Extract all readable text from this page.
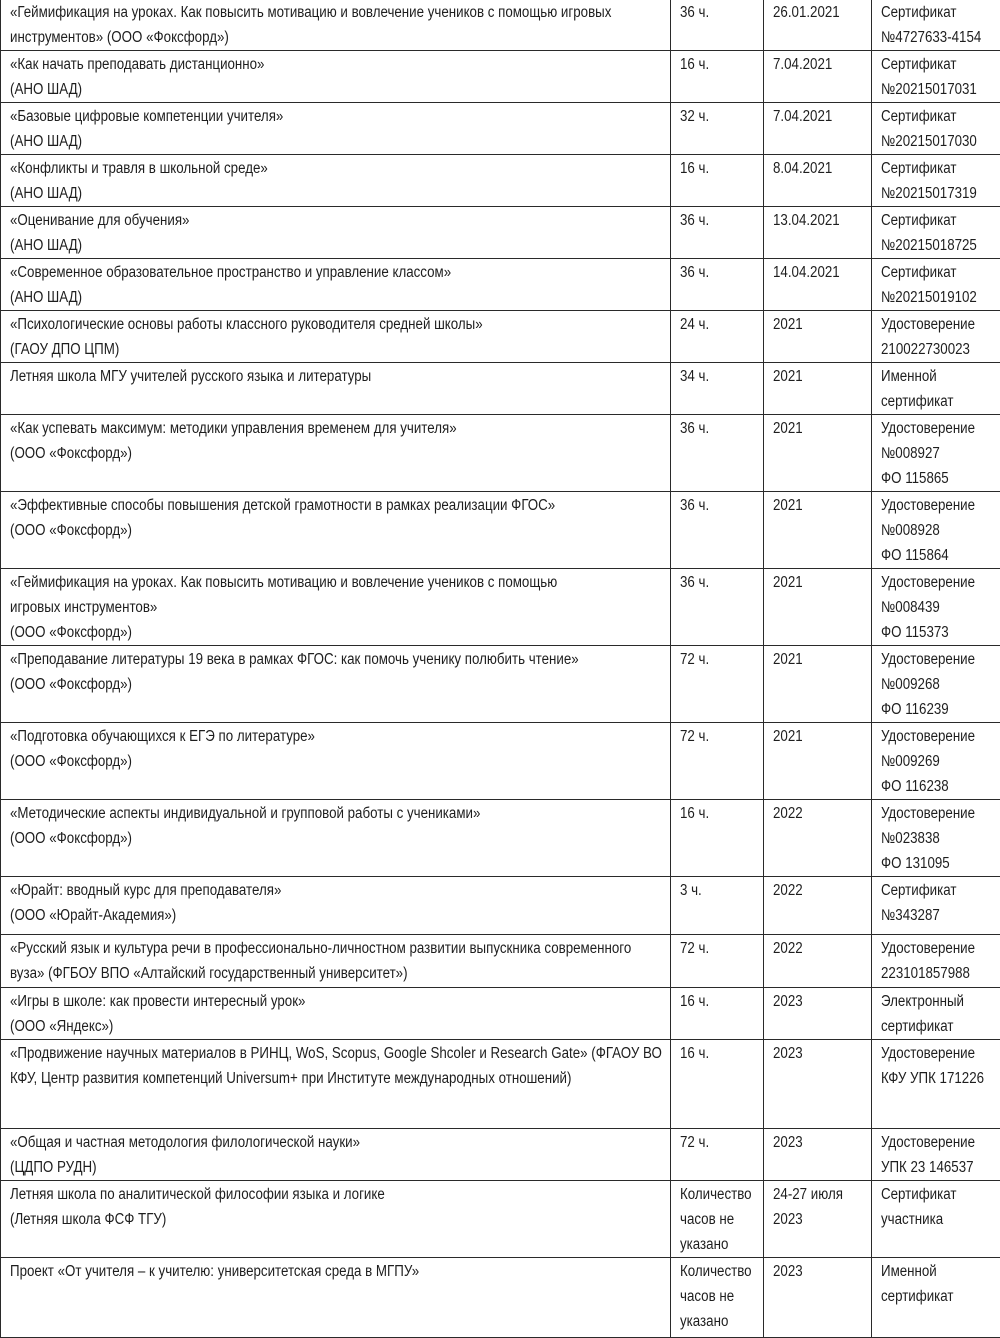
«Геймификация на уроках. Как повысить мотивацию и вовлечение учеников с помощью игровых инструментов» (ООО «Фоксфорд»)	36 ч.	26.01.2021	Сертификат
№4727633-4154

«Как начать преподавать дистанционно»
(АНО ШАД)	16 ч.	7.04.2021	Сертификат
№20215017031

«Базовые цифровые компетенции учителя»
(АНО ШАД)	32 ч.	7.04.2021	Сертификат
№20215017030

«Конфликты и травля в школьной среде»
(АНО ШАД)	16 ч.	8.04.2021	Сертификат
№20215017319

«Оценивание для обучения»
(АНО ШАД)	36 ч.	13.04.2021	Сертификат
№20215018725

«Современное образовательное пространство и управление классом»
(АНО ШАД)	36 ч.	14.04.2021	Сертификат
№20215019102

«Психологические основы работы классного руководителя средней школы»
(ГАОУ ДПО ЦПМ)	24 ч.	2021	Удостоверение
210022730023

Летняя школа МГУ учителей русского языка и литературы	34 ч.	2021	Именной
сертификат

«Как успевать максимум: методики управления временем для учителя»
(ООО «Фоксфорд»)	36 ч.	2021	Удостоверение
№008927
ФО 115865

«Эффективные способы повышения детской грамотности в рамках реализации ФГОС»
(ООО «Фоксфорд»)	36 ч.	2021	Удостоверение
№008928
ФО 115864

«Геймификация на уроках. Как повысить мотивацию и вовлечение учеников с помощью
игровых инструментов»
(ООО «Фоксфорд»)	36 ч.	2021	Удостоверение
№008439
ФО 115373

«Преподавание литературы 19 века в рамках ФГОС: как помочь ученику полюбить чтение»
(ООО «Фоксфорд»)	72 ч.	2021	Удостоверение
№009268
ФО 116239

«Подготовка обучающихся к ЕГЭ по литературе»
(ООО «Фоксфорд»)	72 ч.	2021	Удостоверение
№009269
ФО 116238

«Методические аспекты индивидуальной и групповой работы с учениками»
(ООО «Фоксфорд»)	16 ч.	2022	Удостоверение
№023838
ФО 131095

«Юрайт: вводный курс для преподавателя»
(ООО «Юрайт-Академия»)	3 ч.	2022	Сертификат
№343287

«Русский язык и культура речи в профессионально-личностном развитии выпускника современного вуза» (ФГБОУ ВПО «Алтайский государственный университет»)	72 ч.	2022	Удостоверение
223101857988

«Игры в школе: как провести интересный урок»
(ООО «Яндекс»)	16 ч.	2023	Электронный
сертификат

«Продвижение научных материалов в РИНЦ, WoS, Scopus, Google Shcoler и Research Gate» (ФГАОУ ВО КФУ, Центр развития компетенций Universum+ при Институте международных отношений)	16 ч.	2023	Удостоверение
КФУ УПК 171226

«Общая и частная методология филологической науки»
(ЦДПО РУДН)	72 ч.	2023	Удостоверение
УПК 23 146537

Летняя школа по аналитической философии языка и логике
(Летняя школа ФСФ ТГУ)	Количество часов не указано	24-27 июля 2023	Сертификат
участника

Проект «От учителя – к учителю: университетская среда в МГПУ»	Количество часов не указано	2023	Именной
сертификат
